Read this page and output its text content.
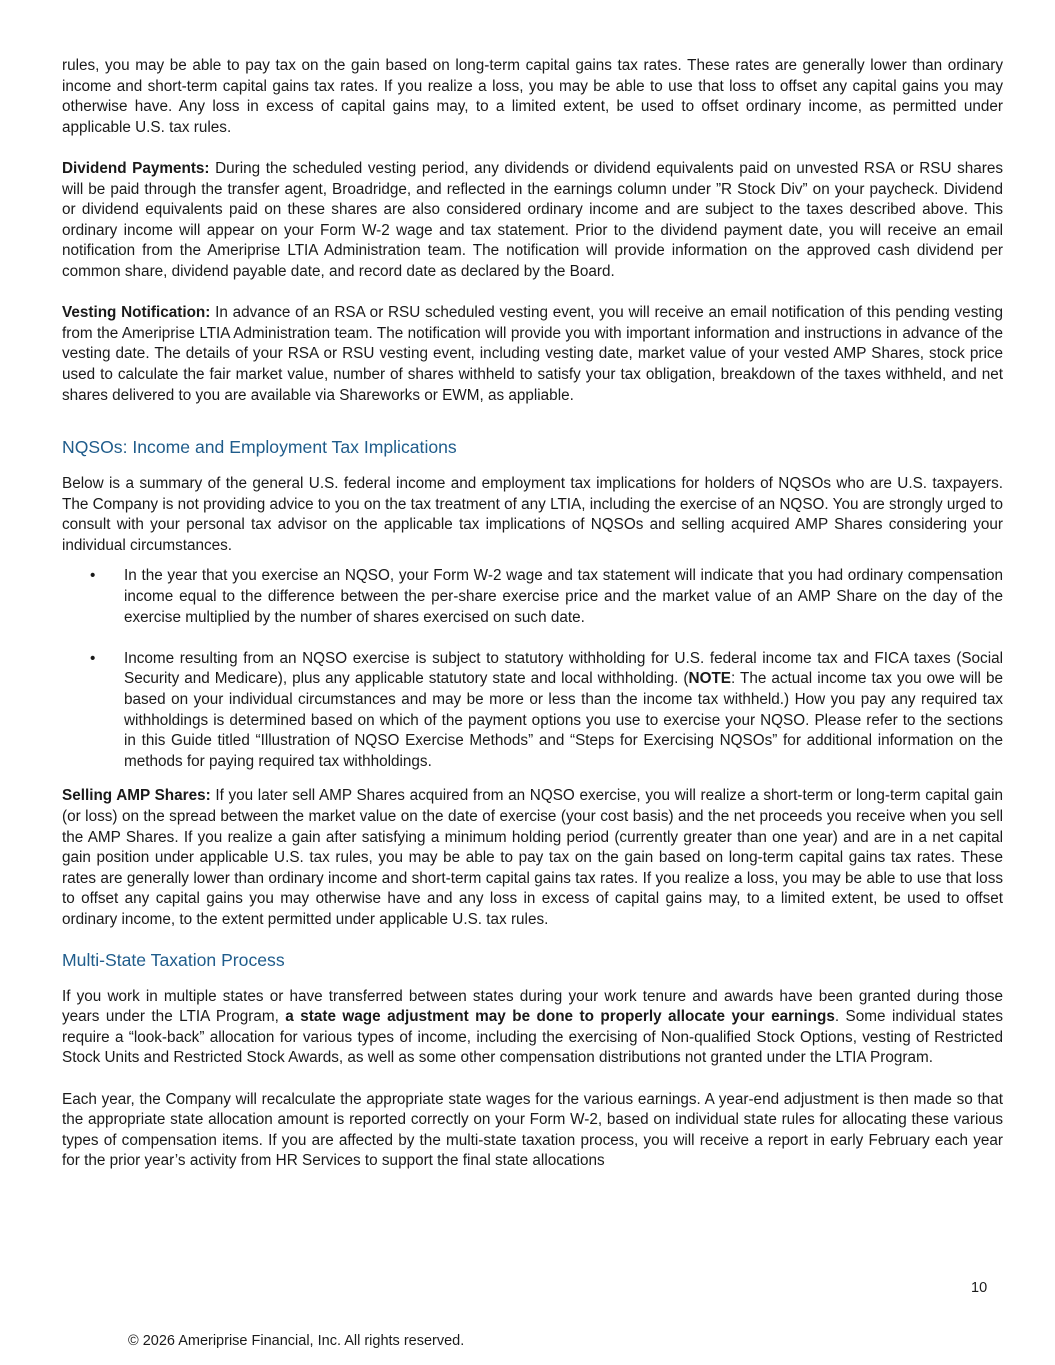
rules, you may be able to pay tax on the gain based on long-term capital gains tax rates. These rates are generally lower than ordinary income and short-term capital gains tax rates. If you realize a loss, you may be able to use that loss to offset any capital gains you may otherwise have. Any loss in excess of capital gains may, to a limited extent, be used to offset ordinary income, as permitted under applicable U.S. tax rules.

Dividend Payments: During the scheduled vesting period, any dividends or dividend equivalents paid on unvested RSA or RSU shares will be paid through the transfer agent, Broadridge, and reflected in the earnings column under ”R Stock Div” on your paycheck. Dividend or dividend equivalents paid on these shares are also considered ordinary income and are subject to the taxes described above. This ordinary income will appear on your Form W-2 wage and tax statement. Prior to the dividend payment date, you will receive an email notification from the Ameriprise LTIA Administration team. The notification will provide information on the approved cash dividend per common share, dividend payable date, and record date as declared by the Board.

Vesting Notification: In advance of an RSA or RSU scheduled vesting event, you will receive an email notification of this pending vesting from the Ameriprise LTIA Administration team. The notification will provide you with important information and instructions in advance of the vesting date. The details of your RSA or RSU vesting event, including vesting date, market value of your vested AMP Shares, stock price used to calculate the fair market value, number of shares withheld to satisfy your tax obligation, breakdown of the taxes withheld, and net shares delivered to you are available via Shareworks or EWM, as appliable.

NQSOs: Income and Employment Tax Implications

Below is a summary of the general U.S. federal income and employment tax implications for holders of NQSOs who are U.S. taxpayers. The Company is not providing advice to you on the tax treatment of any LTIA, including the exercise of an NQSO. You are strongly urged to consult with your personal tax advisor on the applicable tax implications of NQSOs and selling acquired AMP Shares considering your individual circumstances.

• In the year that you exercise an NQSO, your Form W-2 wage and tax statement will indicate that you had ordinary compensation income equal to the difference between the per-share exercise price and the market value of an AMP Share on the day of the exercise multiplied by the number of shares exercised on such date.
• Income resulting from an NQSO exercise is subject to statutory withholding for U.S. federal income tax and FICA taxes (Social Security and Medicare), plus any applicable statutory state and local withholding. (NOTE: The actual income tax you owe will be based on your individual circumstances and may be more or less than the income tax withheld.) How you pay any required tax withholdings is determined based on which of the payment options you use to exercise your NQSO. Please refer to the sections in this Guide titled “Illustration of NQSO Exercise Methods” and “Steps for Exercising NQSOs” for additional information on the methods for paying required tax withholdings.

Selling AMP Shares: If you later sell AMP Shares acquired from an NQSO exercise, you will realize a short-term or long-term capital gain (or loss) on the spread between the market value on the date of exercise (your cost basis) and the net proceeds you receive when you sell the AMP Shares. If you realize a gain after satisfying a minimum holding period (currently greater than one year) and are in a net capital gain position under applicable U.S. tax rules, you may be able to pay tax on the gain based on long-term capital gains tax rates. These rates are generally lower than ordinary income and short-term capital gains tax rates. If you realize a loss, you may be able to use that loss to offset any capital gains you may otherwise have and any loss in excess of capital gains may, to a limited extent, be used to offset ordinary income, to the extent permitted under applicable U.S. tax rules.

Multi-State Taxation Process

If you work in multiple states or have transferred between states during your work tenure and awards have been granted during those years under the LTIA Program, a state wage adjustment may be done to properly allocate your earnings. Some individual states require a “look-back” allocation for various types of income, including the exercising of Non-qualified Stock Options, vesting of Restricted Stock Units and Restricted Stock Awards, as well as some other compensation distributions not granted under the LTIA Program.

Each year, the Company will recalculate the appropriate state wages for the various earnings. A year-end adjustment is then made so that the appropriate state allocation amount is reported correctly on your Form W-2, based on individual state rules for allocating these various types of compensation items. If you are affected by the multi-state taxation process, you will receive a report in early February each year for the prior year’s activity from HR Services to support the final state allocations

10
© 2026 Ameriprise Financial, Inc. All rights reserved.
